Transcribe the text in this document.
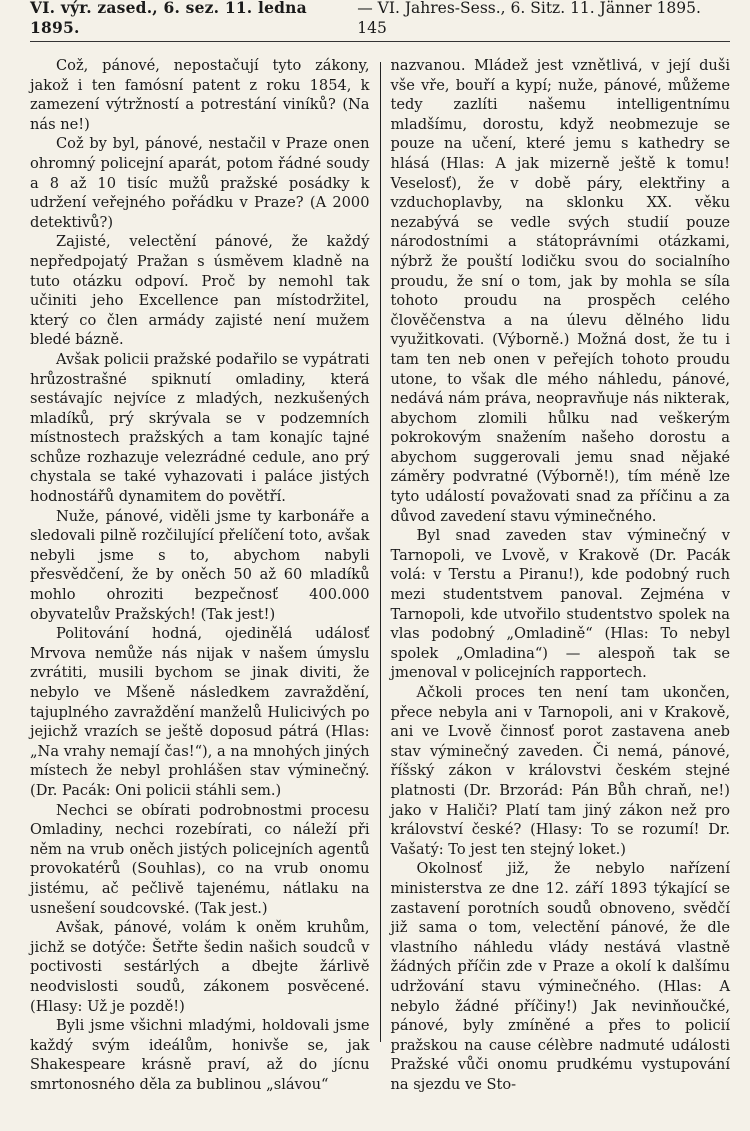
VI. výr. zased., 6. sez. 11. ledna 1895.
— VI. Jahres-Sess., 6. Sitz. 11. Jänner 1895. 145

Což, pánové, nepostačují tyto zákony, jakož i ten famósní patent z roku 1854, k zamezení výtržností a potrestání viníků? (Na nás ne!)

Což by byl, pánové, nestačil v Praze onen ohromný policejní aparát, potom řádné soudy a 8 až 10 tisíc mužů pražské posádky k udržení veřejného pořádku v Praze? (A 2000 detektivů?)

Zajisté, velectění pánové, že každý nepředpojatý Pražan s úsměvem kladně na tuto otázku odpoví. Proč by nemohl tak učiniti jeho Excellence pan místodržitel, který co člen armády zajisté není mužem bledé bázně.

Avšak policii pražské podařilo se vypátrati hrůzostrašné spiknutí omladiny, která sestávajíc nejvíce z mladých, nezkušených mladíků, prý skrývala se v podzemních místnostech pražských a tam konajíc tajné schůze rozhazuje velezrádné cedule, ano prý chystala se také vyhazovati i paláce jistých hodnostářů dynamitem do povětří.

Nuže, pánové, viděli jsme ty karbonáře a sledovali pilně rozčilující přelíčení toto, avšak nebyli jsme s to, abychom nabyli přesvědčení, že by oněch 50 až 60 mladíků mohlo ohroziti bezpečnosť 400.000 obyvatelův Pražských! (Tak jest!)

Politování hodná, ojedinělá událosť Mrvova nemůže nás nijak v našem úmyslu zvrátiti, musili bychom se jinak diviti, že nebylo ve Mšeně následkem zavraždění, tajuplného zavraždění manželů Hulicivých po jejichž vrazích se ještě doposud pátrá (Hlas: „Na vrahy nemají čas!“), a na mnohých jiných místech že nebyl prohlášen stav výminečný. (Dr. Pacák: Oni policii stáhli sem.)

Nechci se obírati podrobnostmi procesu Omladiny, nechci rozebírati, co náleží při něm na vrub oněch jistých policejních agentů provokatérů (Souhlas), co na vrub onomu jistému, ač pečlivě tajenému, nátlaku na usnešení soudcovské. (Tak jest.)

Avšak, pánové, volám k oněm kruhům, jichž se dotýče: Šetřte šedin našich soudců v poctivosti sestárlých a dbejte žárlivě neodvislosti soudů, zákonem posvěcené. (Hlasy: Už je pozdě!)

Byli jsme všichni mladými, holdovali jsme každý svým ideálům, honivše se, jak Shakespeare krásně praví, až do jícnu smrtonosného děla za bublinou „slávou“

nazvanou. Mládež jest vznětlivá, v její duši vše vře, bouří a kypí; nuže, pánové, můžeme tedy zazlíti našemu intelligentnímu mladšímu, dorostu, když neobmezuje se pouze na učení, které jemu s kathedry se hlásá (Hlas: A jak mizerně ještě k tomu! Veselosť), že v době páry, elektřiny a vzduchoplavby, na sklonku XX. věku nezabývá se vedle svých studií pouze národostními a státoprávními otázkami, nýbrž že pouští lodičku svou do socialního proudu, že sní o tom, jak by mohla se síla tohoto proudu na prospěch celého člověčenstva a na úlevu dělného lidu využitkovati. (Výborně.) Možná dost, že tu i tam ten neb onen v peřejích tohoto proudu utone, to však dle mého náhledu, pánové, nedává nám práva, neopravňuje nás nikterak, abychom zlomili hůlku nad veškerým pokrokovým snažením našeho dorostu a abychom suggerovali jemu snad nějaké záměry podvratné (Výborně!), tím méně lze tyto událostí považovati snad za příčinu a za důvod zavedení stavu výminečného.

Byl snad zaveden stav výminečný v Tarnopoli, ve Lvově, v Krakově (Dr. Pacák volá: v Terstu a Piranu!), kde podobný ruch mezi studentstvem panoval. Zejména v Tarnopoli, kde utvořilo studentstvo spolek na vlas podobný „Omladině“ (Hlas: To nebyl spolek „Omladina“) — alespoň tak se jmenoval v policejních rapportech.

Ačkoli proces ten není tam ukončen, přece nebyla ani v Tarnopoli, ani v Krakově, ani ve Lvově činnosť porot zastavena aneb stav výminečný zaveden. Či nemá, pánové, říšský zákon v královstvi českém stejné platnosti (Dr. Brzorád: Pán Bůh chraň, ne!) jako v Haliči? Platí tam jiný zákon než pro království české? (Hlasy: To se rozumí! Dr. Vašatý: To jest ten stejný loket.)

Okolnosť již, že nebylo nařízení ministerstva ze dne 12. září 1893 týkající se zastavení porotních soudů obnoveno, svědčí již sama o tom, velectění pánové, že dle vlastního náhledu vlády nestává vlastně žádných příčin zde v Praze a okolí k dalšímu udržování stavu výminečného. (Hlas: A nebylo žádné příčiny!) Jak nevinňoučké, pánové, byly zmíněné a přes to policií pražskou na cause célèbre nadmuté události Pražské vůči onomu prudkému vystupování na sjezdu ve Sto-
